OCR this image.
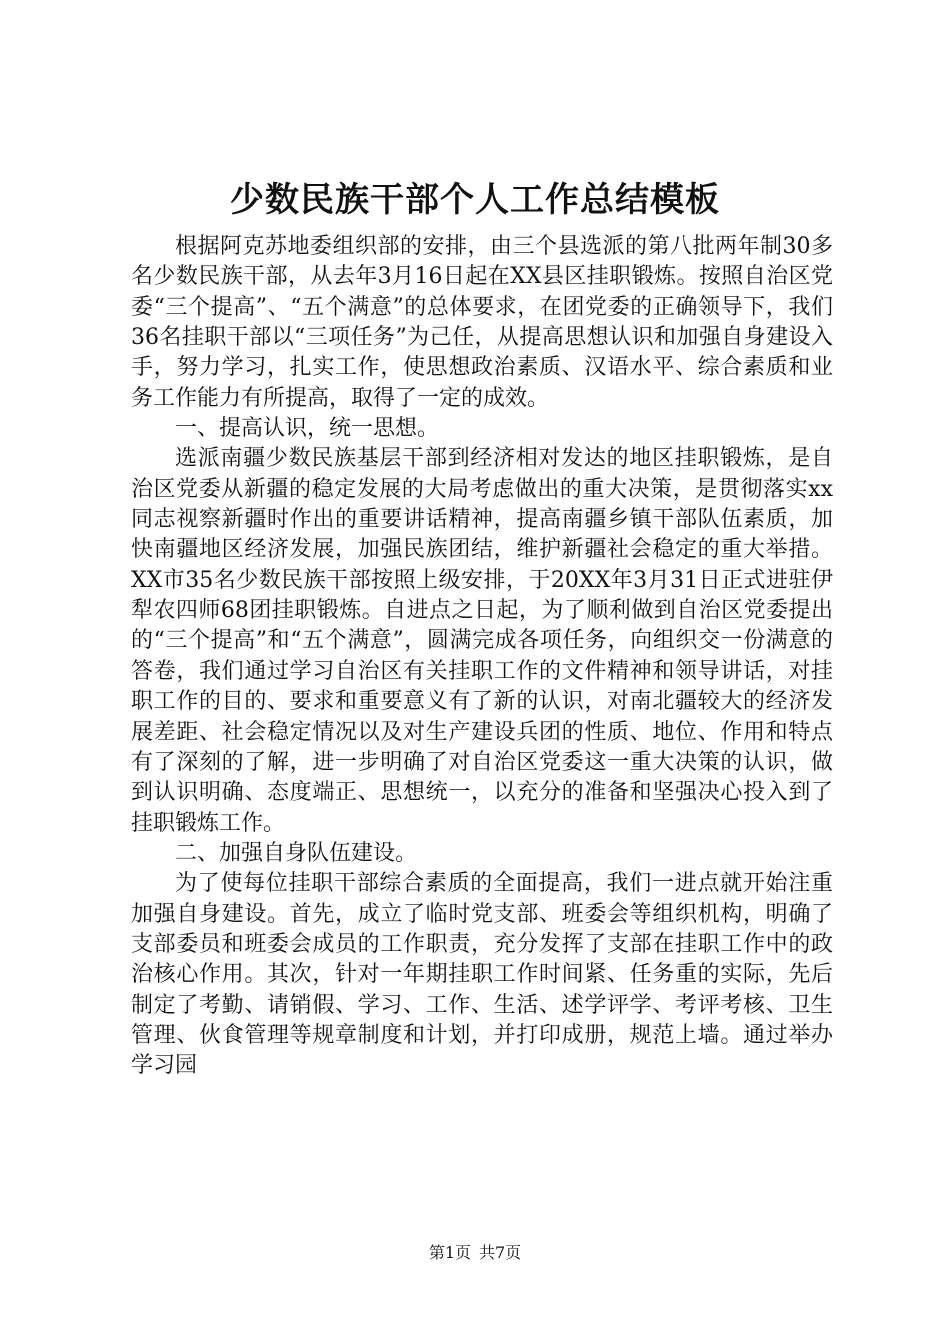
少数民族干部个人工作总结模板

根据阿克苏地委组织部的安排，由三个县选派的第八批两年制30多名少数民族干部，从去年3月16日起在XX县区挂职锻炼。按照自治区党委“三个提高”、“五个满意”的总体要求，在团党委的正确领导下，我们36名挂职干部以“三项任务”为己任，从提高思想认识和加强自身建设入手，努力学习，扎实工作，使思想政治素质、汉语水平、综合素质和业务工作能力有所提高，取得了一定的成效。

一、提高认识，统一思想。

选派南疆少数民族基层干部到经济相对发达的地区挂职锻炼，是自治区党委从新疆的稳定发展的大局考虑做出的重大决策，是贯彻落实xx同志视察新疆时作出的重要讲话精神，提高南疆乡镇干部队伍素质，加快南疆地区经济发展，加强民族团结，维护新疆社会稳定的重大举措。XX市35名少数民族干部按照上级安排，于20XX年3月31日正式进驻伊犁农四师68团挂职锻炼。自进点之日起，为了顺利做到自治区党委提出的“三个提高”和“五个满意”，圆满完成各项任务，向组织交一份满意的答卷，我们通过学习自治区有关挂职工作的文件精神和领导讲话，对挂职工作的目的、要求和重要意义有了新的认识，对南北疆较大的经济发展差距、社会稳定情况以及对生产建设兵团的性质、地位、作用和特点有了深刻的了解，进一步明确了对自治区党委这一重大决策的认识，做到认识明确、态度端正、思想统一，以充分的准备和坚强决心投入到了挂职锻炼工作。

二、加强自身队伍建设。

为了使每位挂职干部综合素质的全面提高，我们一进点就开始注重加强自身建设。首先，成立了临时党支部、班委会等组织机构，明确了支部委员和班委会成员的工作职责，充分发挥了支部在挂职工作中的政治核心作用。其次，针对一年期挂职工作时间紧、任务重的实际，先后制定了考勤、请销假、学习、工作、生活、述学评学、考评考核、卫生管理、伙食管理等规章制度和计划，并打印成册，规范上墙。通过举办学习园

第1页 共7页
